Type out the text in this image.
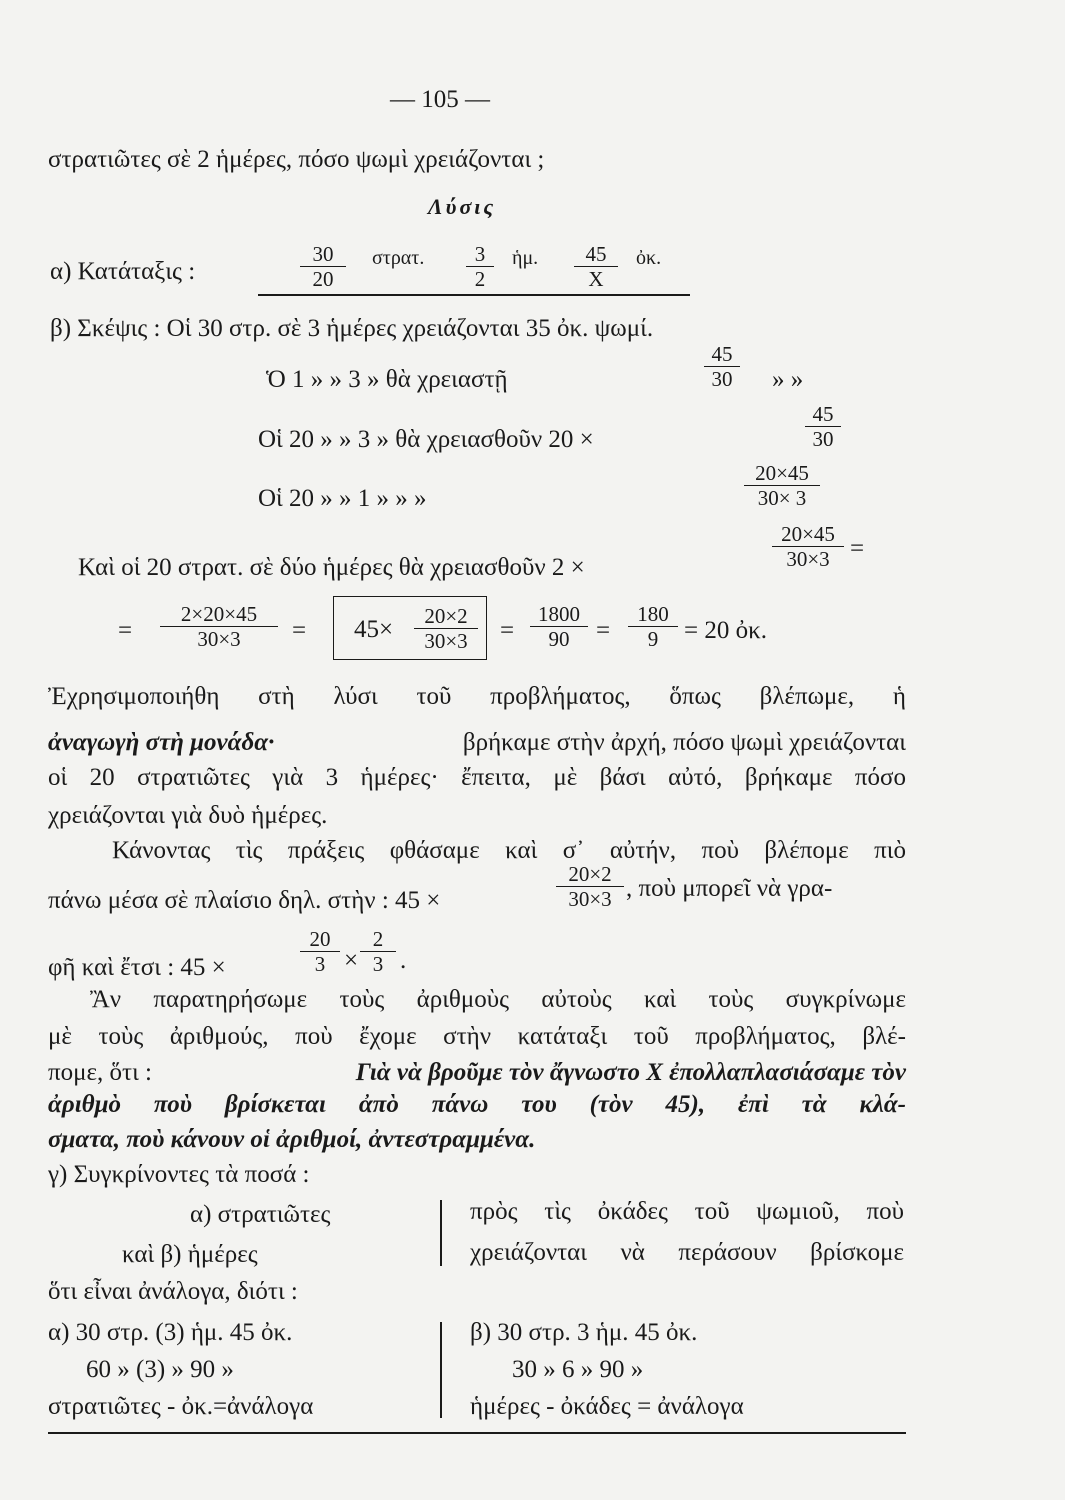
— 105 —
στρατιῶτες σὲ 2 ἡμέρες, πόσο ψωμὶ χρειάζονται ;
Λύσις
α) Κατάταξις :	$\frac{30}{20} \sigma\tau\rho\alpha\tau$. $\frac{3}{2}$ ἡμ. $\frac{45}{X}$ ὀκ.
β) Σκέψις : Οἱ 30 στρ. σὲ 3 ἡμέρες χρειάζονται 35 ὀκ. ψωμί.
Ὁ 1 » » 3 » θὰ χρειαστῇ	$\frac{45}{30}$ » »
Οἱ 20 » » 3 » θὰ χρειασθοῦν 20 ×	$\frac{45}{30}$
Οἱ 20 » » 1 » » »	$\frac{20\times 45}{30\times 3}$
Καὶ οἱ 20 στρατ. σὲ δύο ἡμέρες θὰ χρειασθοῦν 2 ×	$\frac{20\times 45}{30\times 3}$ =
= $\frac{2\times 20\times 45}{30\times 3} = 45\times \frac{20\times 2}{30\times 3} = \frac{1800}{90} = \frac{180}{9} = 20$ ὀκ.
Ἐχρησιμοποιήθη στὴ λύσι τοῦ προβλήματος, ὅπως βλέπωμε, ἡ
ἀναγωγὴ στὴ μονάδα·	βρήκαμε στὴν ἀρχή, πόσο ψωμὶ χρειάζονται
οἱ 20 στρατιῶτες γιὰ 3 ἡμέρες· ἔπειτα, μὲ βάσι αὐτό, βρήκαμε πόσο
χρειάζονται γιὰ δυὸ ἡμέρες.
Κάνοντας τὶς πράξεις φθάσαμε καὶ σ᾽ αὐτήν, ποὺ βλέπομε πιὸ
πάνω μέσα σὲ πλαίσιο δηλ. στὴν : 45 ×	$\frac{20\times 2}{30\times 3}$ , ποὺ μπορεῖ νὰ γρα-
φῆ καὶ ἔτσι : 45 ×	$\frac{20}{3} \times \frac{2}{3}$ .
Ἂν παρατηρήσωμε τοὺς ἀριθμοὺς αὐτοὺς καὶ τοὺς συγκρίνωμε
μὲ τοὺς ἀριθμούς, ποὺ ἔχομε στὴν κατάταξι τοῦ προβλήματος, βλέ-
πομε, ὅτι :	Γιὰ νὰ βροῦμε τὸν ἄγνωστο X ἐπολλαπλασιάσαμε τὸν
ἀριθμὸ ποὺ βρίσκεται ἀπὸ πάνω του (τὸν 45), ἐπὶ τὰ κλά-
σματα, ποὺ κάνουν οἱ ἀριθμοί, ἀντεστραμμένα.
γ) Συγκρίνοντες τὰ ποσά :
α) στρατιῶτες
καὶ β) ἡμέρες
πρὸς τὶς ὀκάδες τοῦ ψωμιοῦ, ποὺ
χρειάζονται νὰ περάσουν βρίσκομε
ὅτι εἶναι ἀνάλογα, διότι :
α) 30 στρ. (3) ἡμ. 45 ὀκ.
60 » (3) » 90 »
στρατιῶτες - ὀκ.=ἀνάλογα
β) 30 στρ. 3 ἡμ. 45 ὀκ.
30 » 6 » 90 »
ἡμέρες - ὀκάδες = ἀνάλογα
